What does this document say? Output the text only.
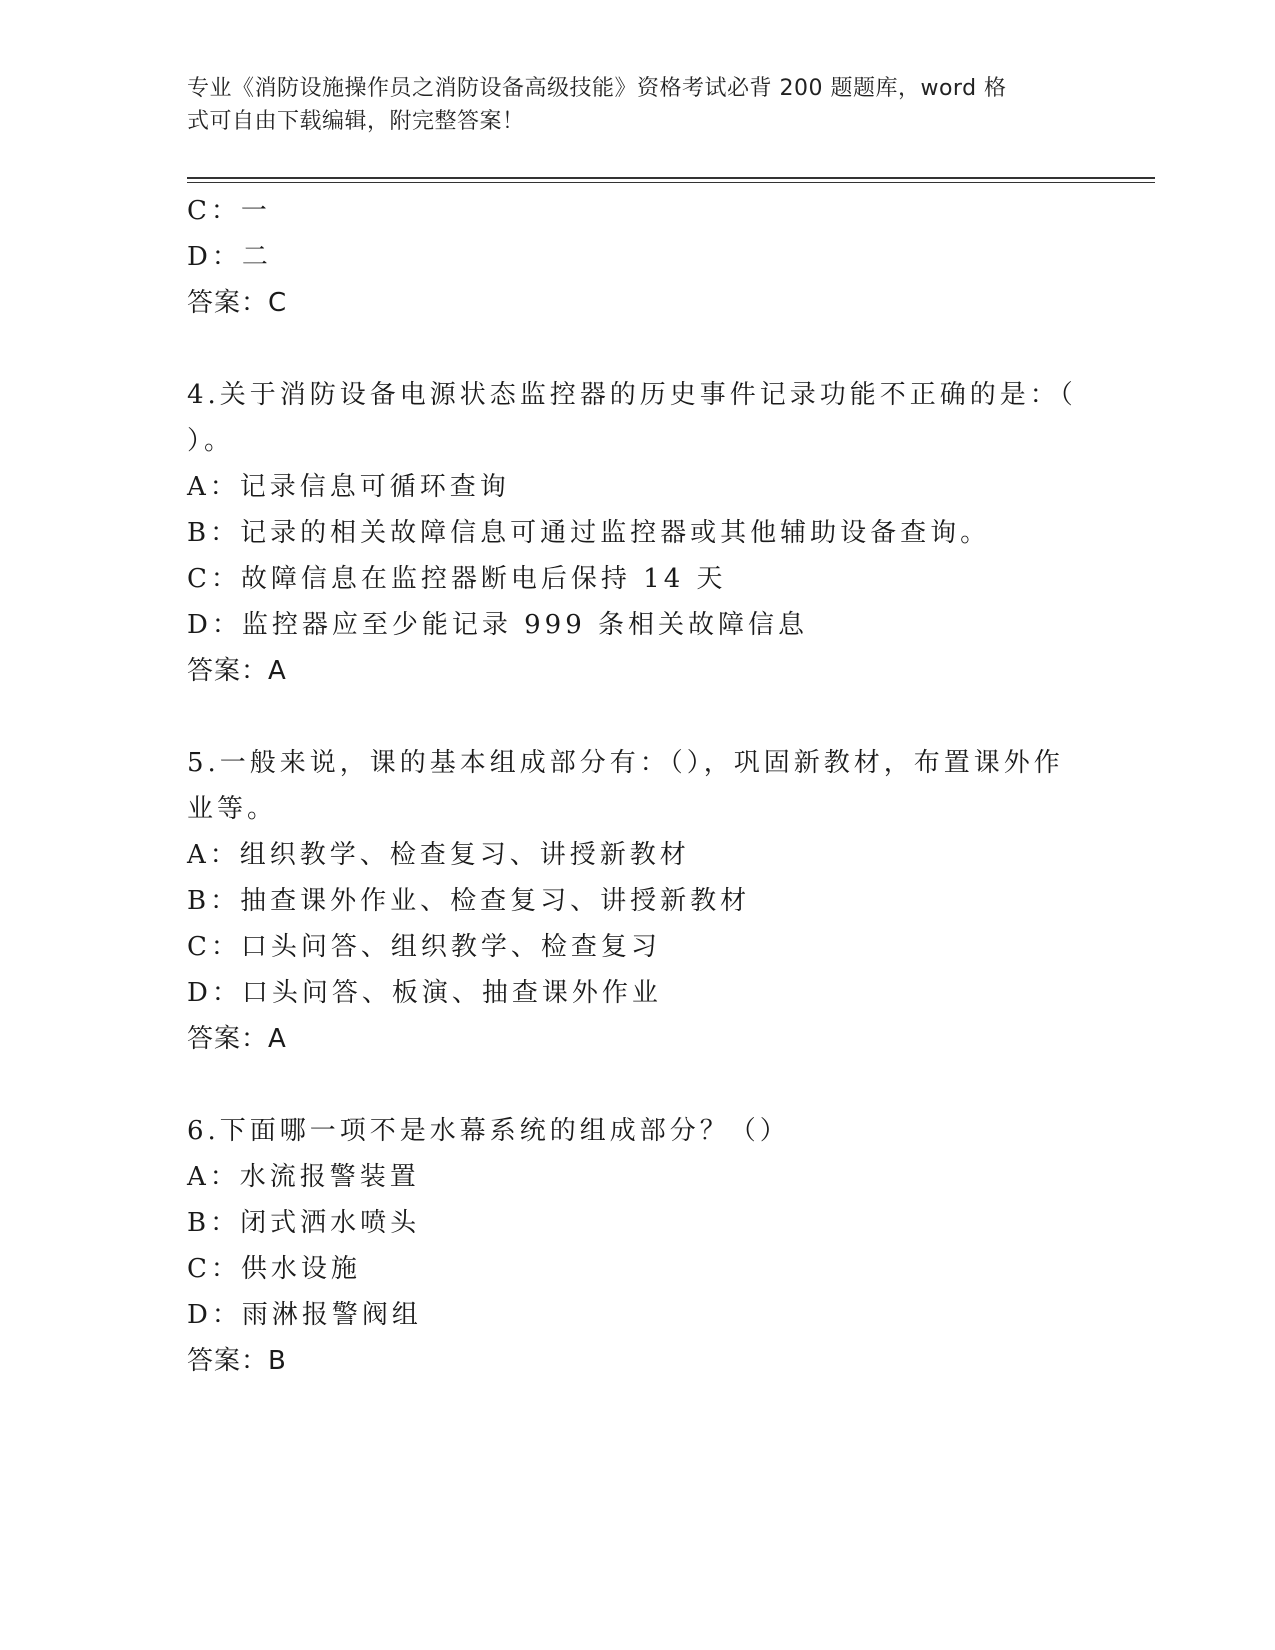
专业《消防设施操作员之消防设备高级技能》资格考试必背 200 题题库，word 格
式可自由下载编辑，附完整答案！
C：一
D：二
答案：C
4.关于消防设备电源状态监控器的历史事件记录功能不正确的是：（
）。
A：记录信息可循环查询
B：记录的相关故障信息可通过监控器或其他辅助设备查询。
C：故障信息在监控器断电后保持 14 天
D：监控器应至少能记录 999 条相关故障信息
答案：A
5.一般来说，课的基本组成部分有：（），巩固新教材，布置课外作
业等。
A：组织教学、检查复习、讲授新教材
B：抽查课外作业、检查复习、讲授新教材
C：口头问答、组织教学、检查复习
D：口头问答、板演、抽查课外作业
答案：A
6.下面哪一项不是水幕系统的组成部分？（）
A：水流报警装置
B：闭式洒水喷头
C：供水设施
D：雨淋报警阀组
答案：B
